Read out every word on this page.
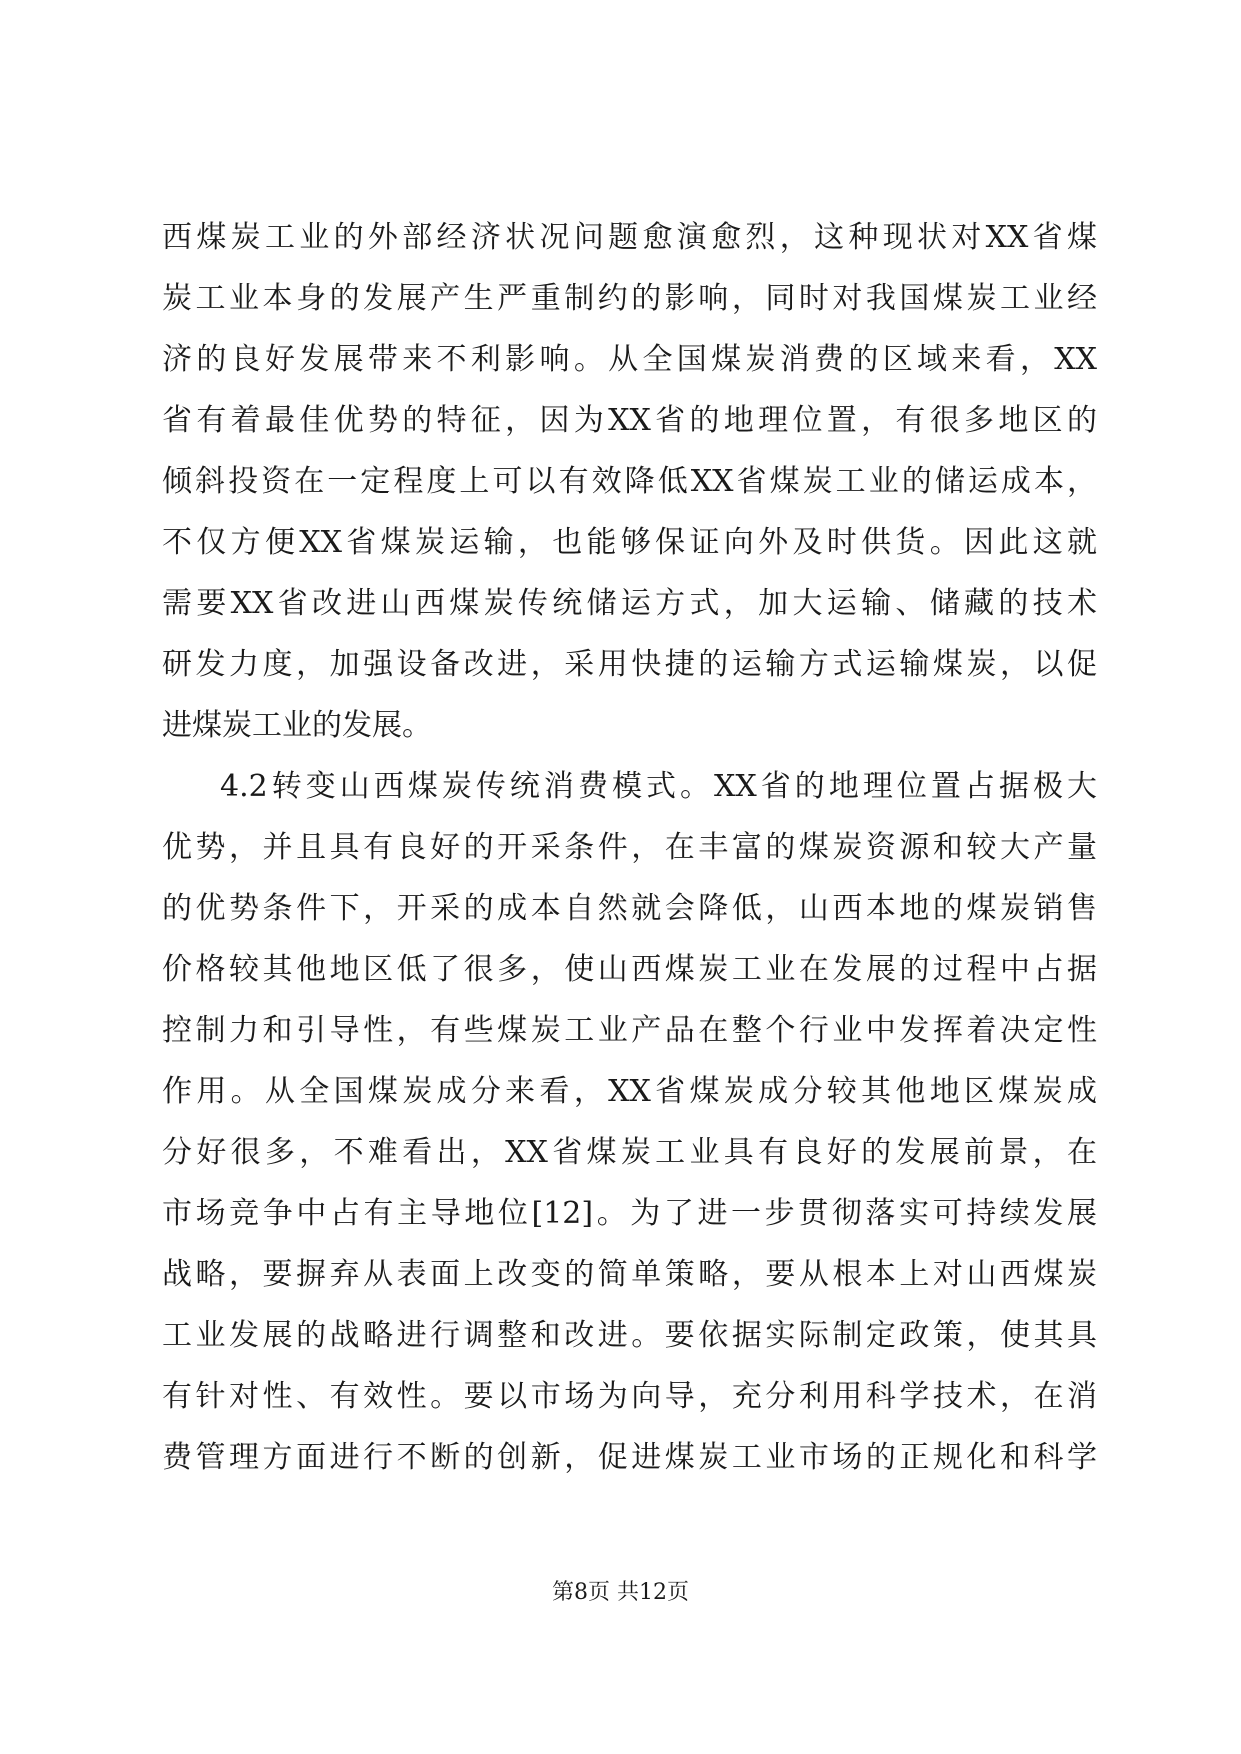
西煤炭工业的外部经济状况问题愈演愈烈，这种现状对XX省煤
炭工业本身的发展产生严重制约的影响，同时对我国煤炭工业经
济的良好发展带来不利影响。从全国煤炭消费的区域来看，XX
省有着最佳优势的特征，因为XX省的地理位置，有很多地区的
倾斜投资在一定程度上可以有效降低XX省煤炭工业的储运成本，
不仅方便XX省煤炭运输，也能够保证向外及时供货。因此这就
需要XX省改进山西煤炭传统储运方式，加大运输、储藏的技术
研发力度，加强设备改进，采用快捷的运输方式运输煤炭，以促
进煤炭工业的发展。
4.2转变山西煤炭传统消费模式。XX省的地理位置占据极大
优势，并且具有良好的开采条件，在丰富的煤炭资源和较大产量
的优势条件下，开采的成本自然就会降低，山西本地的煤炭销售
价格较其他地区低了很多，使山西煤炭工业在发展的过程中占据
控制力和引导性，有些煤炭工业产品在整个行业中发挥着决定性
作用。从全国煤炭成分来看，XX省煤炭成分较其他地区煤炭成
分好很多，不难看出，XX省煤炭工业具有良好的发展前景，在
市场竞争中占有主导地位[12]。为了进一步贯彻落实可持续发展
战略，要摒弃从表面上改变的简单策略，要从根本上对山西煤炭
工业发展的战略进行调整和改进。要依据实际制定政策，使其具
有针对性、有效性。要以市场为向导，充分利用科学技术，在消
费管理方面进行不断的创新，促进煤炭工业市场的正规化和科学
第8页 共12页
